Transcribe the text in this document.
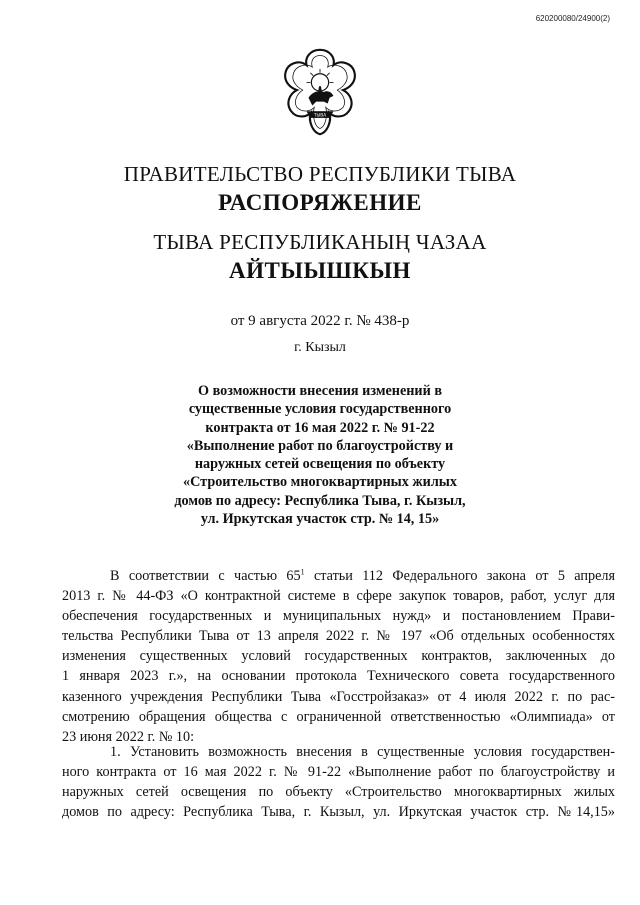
620200080/24900(2)
ТЫВА
ПРАВИТЕЛЬСТВО РЕСПУБЛИКИ ТЫВА
РАСПОРЯЖЕНИЕ
ТЫВА РЕСПУБЛИКАНЫҢ ЧАЗАА
АЙТЫЫШКЫН
от 9 августа 2022 г. № 438-р
г. Кызыл
О возможности внесения изменений в
существенные условия государственного
контракта от 16 мая 2022 г. № 91-22
«Выполнение работ по благоустройству и
наружных сетей освещения по объекту
«Строительство многоквартирных жилых
домов по адресу: Республика Тыва, г. Кызыл,
ул. Иркутская участок стр. № 14, 15»
В соответствии с частью $65^1$ статьи 112 Федерального закона от 5 апреля
2013 г. № 44-ФЗ «О контрактной системе в сфере закупок товаров, работ, услуг для
обеспечения государственных и муниципальных нужд» и постановлением Прави-
тельства Республики Тыва от 13 апреля 2022 г. № 197 «Об отдельных особенностях
изменения существенных условий государственных контрактов, заключенных до
1 января 2023 г.», на основании протокола Технического совета государственного
казенного учреждения Республики Тыва «Госстройзаказ» от 4 июля 2022 г. по рас-
смотрению обращения общества с ограниченной ответственностью «Олимпиада» от
23 июня 2022 г. № 10:
1. Установить возможность внесения в существенные условия государствен-
ного контракта от 16 мая 2022 г. № 91-22 «Выполнение работ по благоустройству и
наружных сетей освещения по объекту «Строительство многоквартирных жилых
домов по адресу: Республика Тыва, г. Кызыл, ул. Иркутская участок стр. №14,15»
